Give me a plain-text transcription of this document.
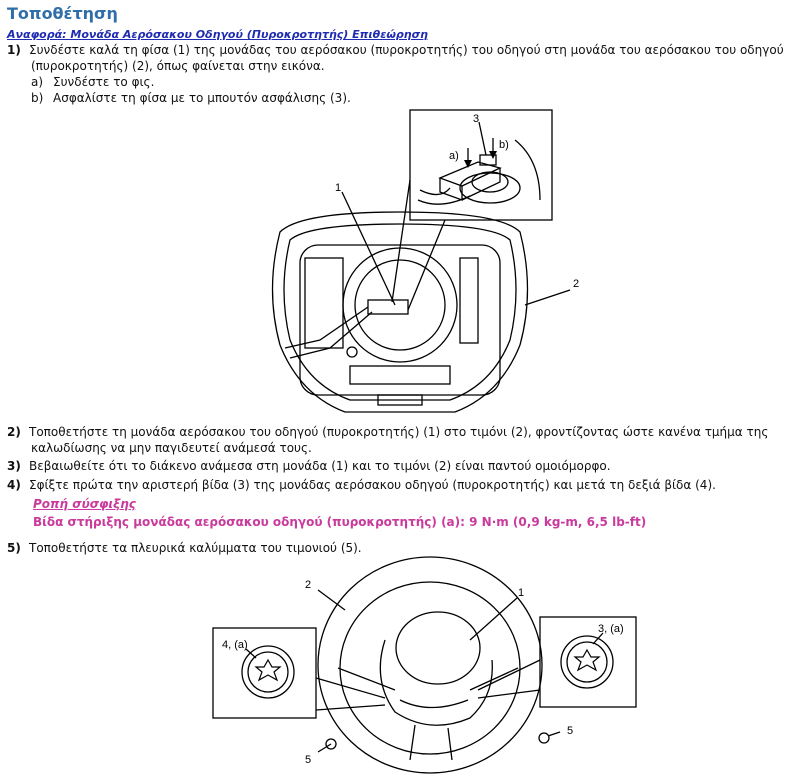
Τοποθέτηση
Αναφορά: Μονάδα Αερόσακου Οδηγού (Πυροκροτητής) Επιθεώρηση
1) Συνδέστε καλά τη φίσα (1) της μονάδας του αερόσακου (πυροκροτητής) του οδηγού στη μονάδα του αερόσακου του οδηγού
(πυροκροτητής) (2), όπως φαίνεται στην εικόνα.
a) Συνδέστε το φις.
b) Ασφαλίστε τη φίσα με το μπουτόν ασφάλισης (3).
1
2
3
a)
b)
2) Τοποθετήστε τη μονάδα αερόσακου του οδηγού (πυροκροτητής) (1) στο τιμόνι (2), φροντίζοντας ώστε κανένα τμήμα της
καλωδίωσης να μην παγιδευτεί ανάμεσά τους.
3) Βεβαιωθείτε ότι το διάκενο ανάμεσα στη μονάδα (1) και το τιμόνι (2) είναι παντού ομοιόμορφο.
4) Σφίξτε πρώτα την αριστερή βίδα (3) της μονάδας αερόσακου οδηγού (πυροκροτητής) και μετά τη δεξιά βίδα (4).
Ροπή σύσφιξης
Βίδα στήριξης μονάδας αερόσακου οδηγού (πυροκροτητής) (a): 9 N·m (0,9 kg-m, 6,5 lb-ft)
5) Τοποθετήστε τα πλευρικά καλύμματα του τιμονιού (5).
2
1
4, (a)
3, (a)
5
5
